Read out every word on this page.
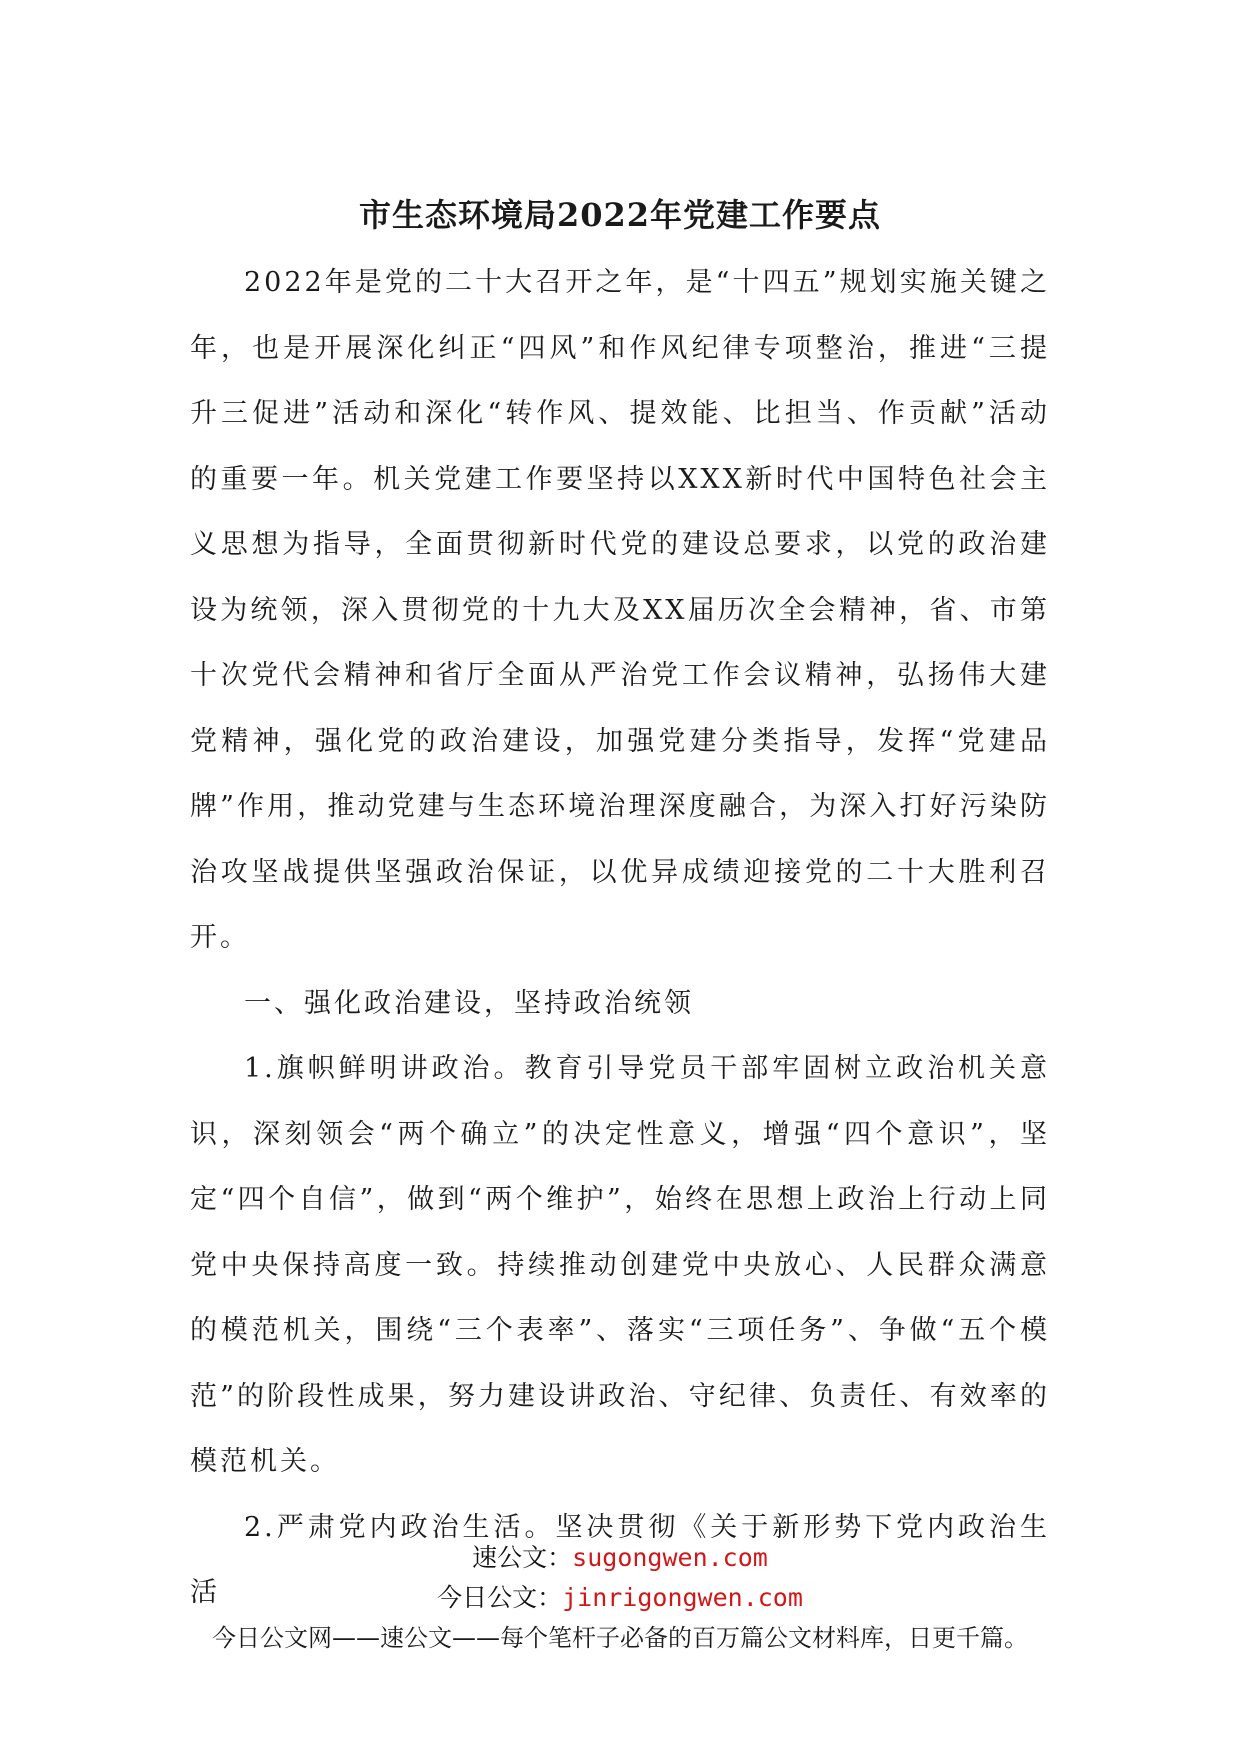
市生态环境局2022年党建工作要点

2022年是党的二十大召开之年，是“十四五”规划实施关键之年，也是开展深化纠正“四风”和作风纪律专项整治，推进“三提升三促进”活动和深化“转作风、提效能、比担当、作贡献”活动的重要一年。机关党建工作要坚持以XXX新时代中国特色社会主义思想为指导，全面贯彻新时代党的建设总要求，以党的政治建设为统领，深入贯彻党的十九大及XX届历次全会精神，省、市第十次党代会精神和省厅全面从严治党工作会议精神，弘扬伟大建党精神，强化党的政治建设，加强党建分类指导，发挥“党建品牌”作用，推动党建与生态环境治理深度融合，为深入打好污染防治攻坚战提供坚强政治保证，以优异成绩迎接党的二十大胜利召开。

一、强化政治建设，坚持政治统领

1.旗帜鲜明讲政治。教育引导党员干部牢固树立政治机关意识，深刻领会“两个确立”的决定性意义，增强“四个意识”，坚定“四个自信”，做到“两个维护”，始终在思想上政治上行动上同党中央保持高度一致。持续推动创建党中央放心、人民群众满意的模范机关，围绕“三个表率”、落实“三项任务”、争做“五个模范”的阶段性成果，努力建设讲政治、守纪律、负责任、有效率的模范机关。

2.严肃党内政治生活。坚决贯彻《关于新形势下党内政治生活

速公文：sugongwen.com
今日公文：jinrigongwen.com
今日公文网——速公文——每个笔杆子必备的百万篇公文材料库，日更千篇。
